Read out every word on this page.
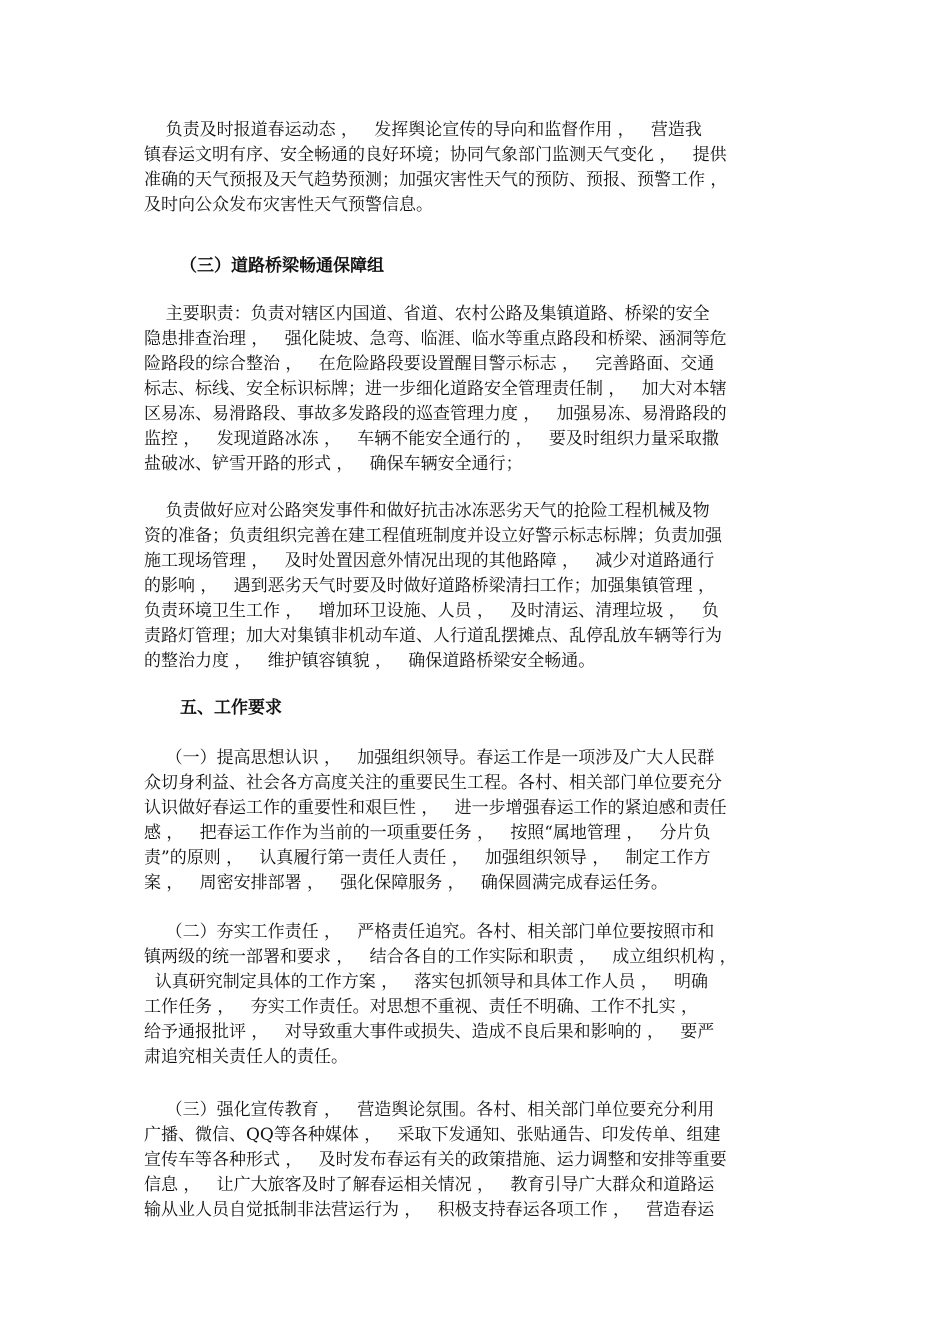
负责及时报道春运动态 ，   发挥舆论宣传的导向和监督作用 ，   营造我
镇春运文明有序、安全畅通的良好环境；协同气象部门监测天气变化 ，   提供
准确的天气预报及天气趋势预测；加强灾害性天气的预防、预报、预警工作 ，
及时向公众发布灾害性天气预警信息。
（三）道路桥梁畅通保障组
主要职责：负责对辖区内国道、省道、农村公路及集镇道路、桥梁的安全
隐患排查治理 ，   强化陡坡、急弯、临涯、临水等重点路段和桥梁、涵洞等危
险路段的综合整治 ，   在危险路段要设置醒目警示标志 ，   完善路面、交通
标志、标线、安全标识标牌；进一步细化道路安全管理责任制 ，   加大对本辖
区易冻、易滑路段、事故多发路段的巡查管理力度 ，   加强易冻、易滑路段的
监控 ，   发现道路冰冻 ，   车辆不能安全通行的 ，   要及时组织力量采取撒
盐破冰、铲雪开路的形式 ，   确保车辆安全通行；
负责做好应对公路突发事件和做好抗击冰冻恶劣天气的抢险工程机械及物
资的准备；负责组织完善在建工程值班制度并设立好警示标志标牌；负责加强
施工现场管理 ，   及时处置因意外情况出现的其他路障 ，   减少对道路通行
的影响 ，   遇到恶劣天气时要及时做好道路桥梁清扫工作；加强集镇管理 ，
负责环境卫生工作 ，   增加环卫设施、人员 ，   及时清运、清理垃圾 ，   负
责路灯管理；加大对集镇非机动车道、人行道乱摆摊点、乱停乱放车辆等行为
的整治力度 ，   维护镇容镇貌 ，   确保道路桥梁安全畅通。
五、工作要求
（一）提高思想认识 ，   加强组织领导。春运工作是一项涉及广大人民群
众切身利益、社会各方高度关注的重要民生工程。各村、相关部门单位要充分
认识做好春运工作的重要性和艰巨性 ，   进一步增强春运工作的紧迫感和责任
感 ，   把春运工作作为当前的一项重要任务 ，   按照“属地管理 ，   分片负
责”的原则 ，   认真履行第一责任人责任 ，   加强组织领导 ，   制定工作方
案 ，   周密安排部署 ，   强化保障服务 ，   确保圆满完成春运任务。
（二）夯实工作责任 ，   严格责任追究。各村、相关部门单位要按照市和
镇两级的统一部署和要求 ，   结合各自的工作实际和职责 ，   成立组织机构 ，
认真研究制定具体的工作方案 ，   落实包抓领导和具体工作人员 ，   明确
工作任务 ，   夯实工作责任。对思想不重视、责任不明确、工作不扎实 ，
给予通报批评 ，   对导致重大事件或损失、造成不良后果和影响的 ，   要严
肃追究相关责任人的责任。
（三）强化宣传教育 ，   营造舆论氛围。各村、相关部门单位要充分利用
广播、微信、QQ等各种媒体 ，   采取下发通知、张贴通告、印发传单、组建
宣传车等各种形式 ，   及时发布春运有关的政策措施、运力调整和安排等重要
信息 ，   让广大旅客及时了解春运相关情况 ，   教育引导广大群众和道路运
输从业人员自觉抵制非法营运行为 ，   积极支持春运各项工作 ，   营造春运
